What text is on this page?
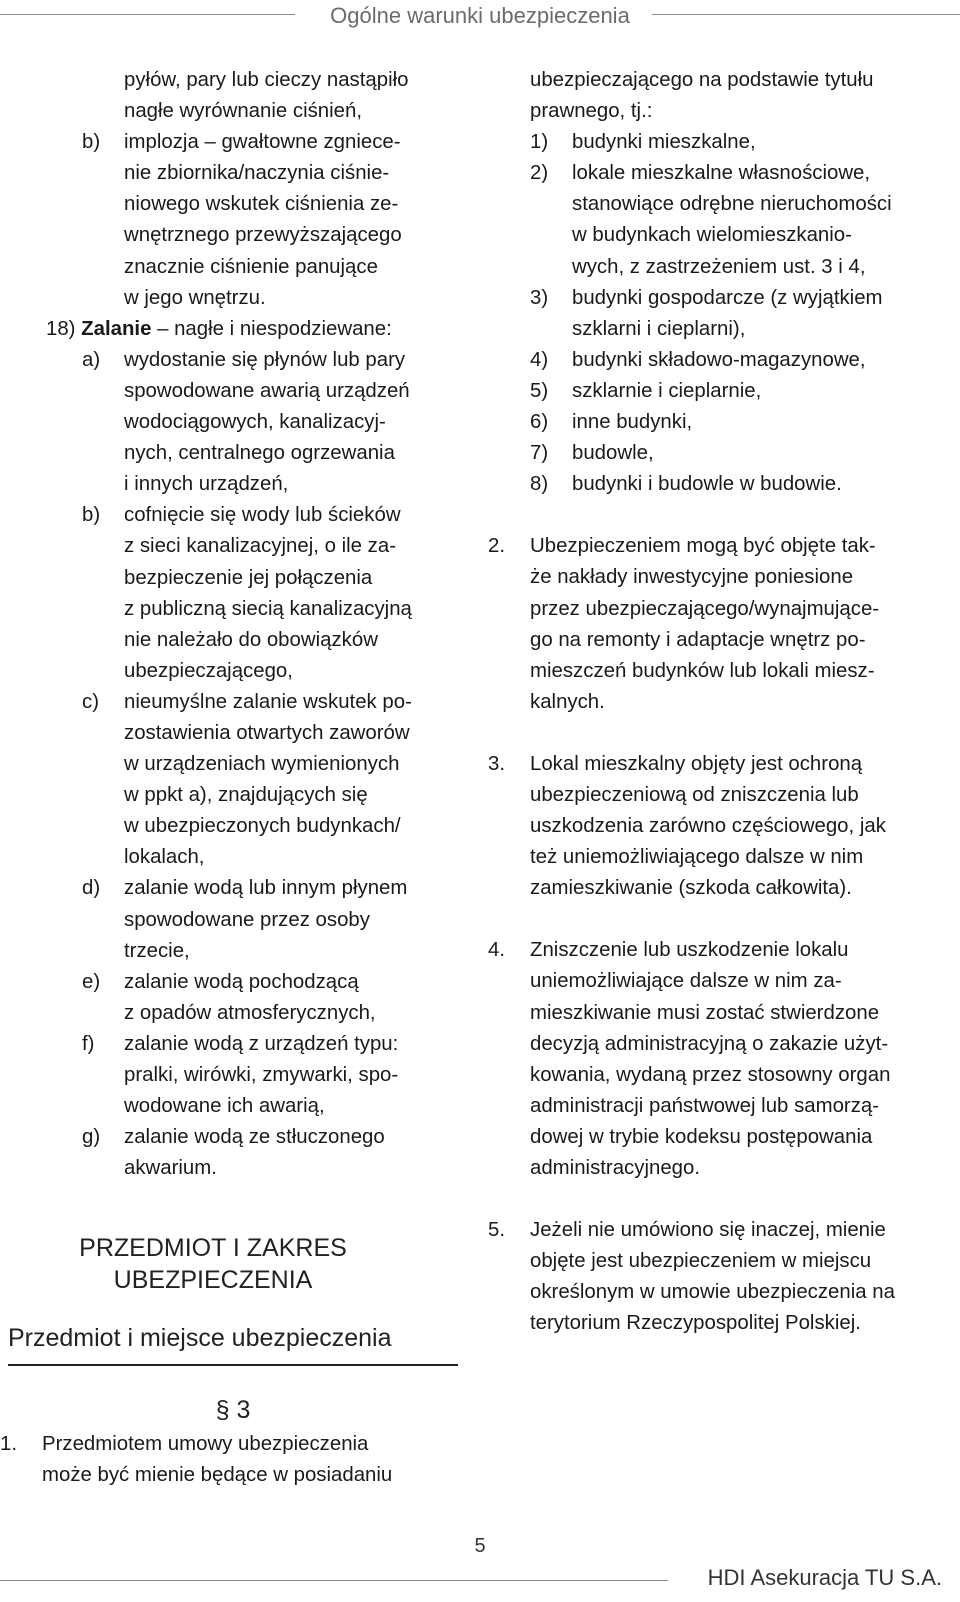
Ogólne warunki ubezpieczenia
pyłów, pary lub cieczy nastąpiło
nagłe wyrównanie ciśnień,
b) implozja – gwałtowne zgniece-
nie zbiornika/naczynia ciśnie-
niowego wskutek ciśnienia ze-
wnętrznego przewyższającego
znacznie ciśnienie panujące
w jego wnętrzu.
18) Zalanie – nagłe i niespodziewane:
a) wydostanie się płynów lub pary
spowodowane awarią urządzeń
wodociągowych, kanalizacyj-
nych, centralnego ogrzewania
i innych urządzeń,
b) cofnięcie się wody lub ścieków
z sieci kanalizacyjnej, o ile za-
bezpieczenie jej połączenia
z publiczną siecią kanalizacyjną
nie należało do obowiązków
ubezpieczającego,
c) nieumyślne zalanie wskutek po-
zostawienia otwartych zaworów
w urządzeniach wymienionych
w ppkt a), znajdujących się
w ubezpieczonych budynkach/
lokalach,
d) zalanie wodą lub innym płynem
spowodowane przez osoby
trzecie,
e) zalanie wodą pochodzącą
z opadów atmosferycznych,
f) zalanie wodą z urządzeń typu:
pralki, wirówki, zmywarki, spo-
wodowane ich awarią,
g) zalanie wodą ze stłuczonego
akwarium.
PRZEDMIOT I ZAKRES
UBEZPIECZENIA
Przedmiot i miejsce ubezpieczenia
§ 3
1. Przedmiotem umowy ubezpieczenia
może być mienie będące w posiadaniu
ubezpieczającego na podstawie tytułu
prawnego, tj.:
1) budynki mieszkalne,
2) lokale mieszkalne własnościowe,
stanowiące odrębne nieruchomości
w budynkach wielomieszkanio-
wych, z zastrzeżeniem ust. 3 i 4,
3) budynki gospodarcze (z wyjątkiem
szklarni i cieplarni),
4) budynki składowo-magazynowe,
5) szklarnie i cieplarnie,
6) inne budynki,
7) budowle,
8) budynki i budowle w budowie.
2. Ubezpieczeniem mogą być objęte tak-
że nakłady inwestycyjne poniesione
przez ubezpieczającego/wynajmujące-
go na remonty i adaptacje wnętrz po-
mieszczeń budynków lub lokali miesz-
kalnych.
3. Lokal mieszkalny objęty jest ochroną
ubezpieczeniową od zniszczenia lub
uszkodzenia zarówno częściowego, jak
też uniemożliwiającego dalsze w nim
zamieszkiwanie (szkoda całkowita).
4. Zniszczenie lub uszkodzenie lokalu
uniemożliwiające dalsze w nim za-
mieszkiwanie musi zostać stwierdzone
decyzją administracyjną o zakazie użyt-
kowania, wydaną przez stosowny organ
administracji państwowej lub samorzą-
dowej w trybie kodeksu postępowania
administracyjnego.
5. Jeżeli nie umówiono się inaczej, mienie
objęte jest ubezpieczeniem w miejscu
określonym w umowie ubezpieczenia na
terytorium Rzeczypospolitej Polskiej.
5
HDI Asekuracja TU S.A.
